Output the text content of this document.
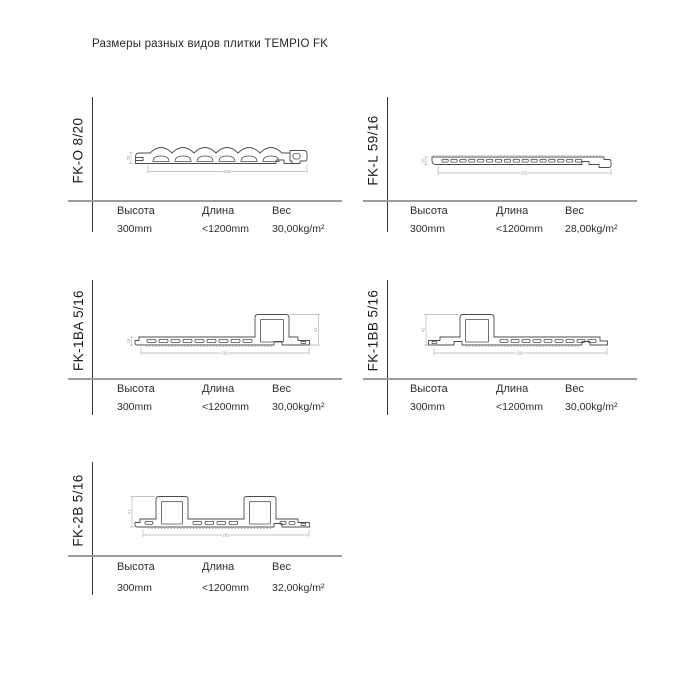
Размеры разных видов плитки TEMPIO FK
FK-O 8/20	292
20
Высота	Длина	Вес
300mm	<1200mm 30,00kg/m²
FK-L 59/16	291
16
Высота	Длина	Вес
300mm	<1200mm 28,00kg/m²
FK-1BA 5/16	291
16
41
Высота	Длина	Вес
300mm	<1200mm 30,00kg/m²
FK-1BB 5/16	291
41
Высота	Длина	Вес
300mm	<1200mm 30,00kg/m²
FK-2B 5/16	291
41
Высота	Длина	Вес
300mm	<1200mm 32,00kg/m²
